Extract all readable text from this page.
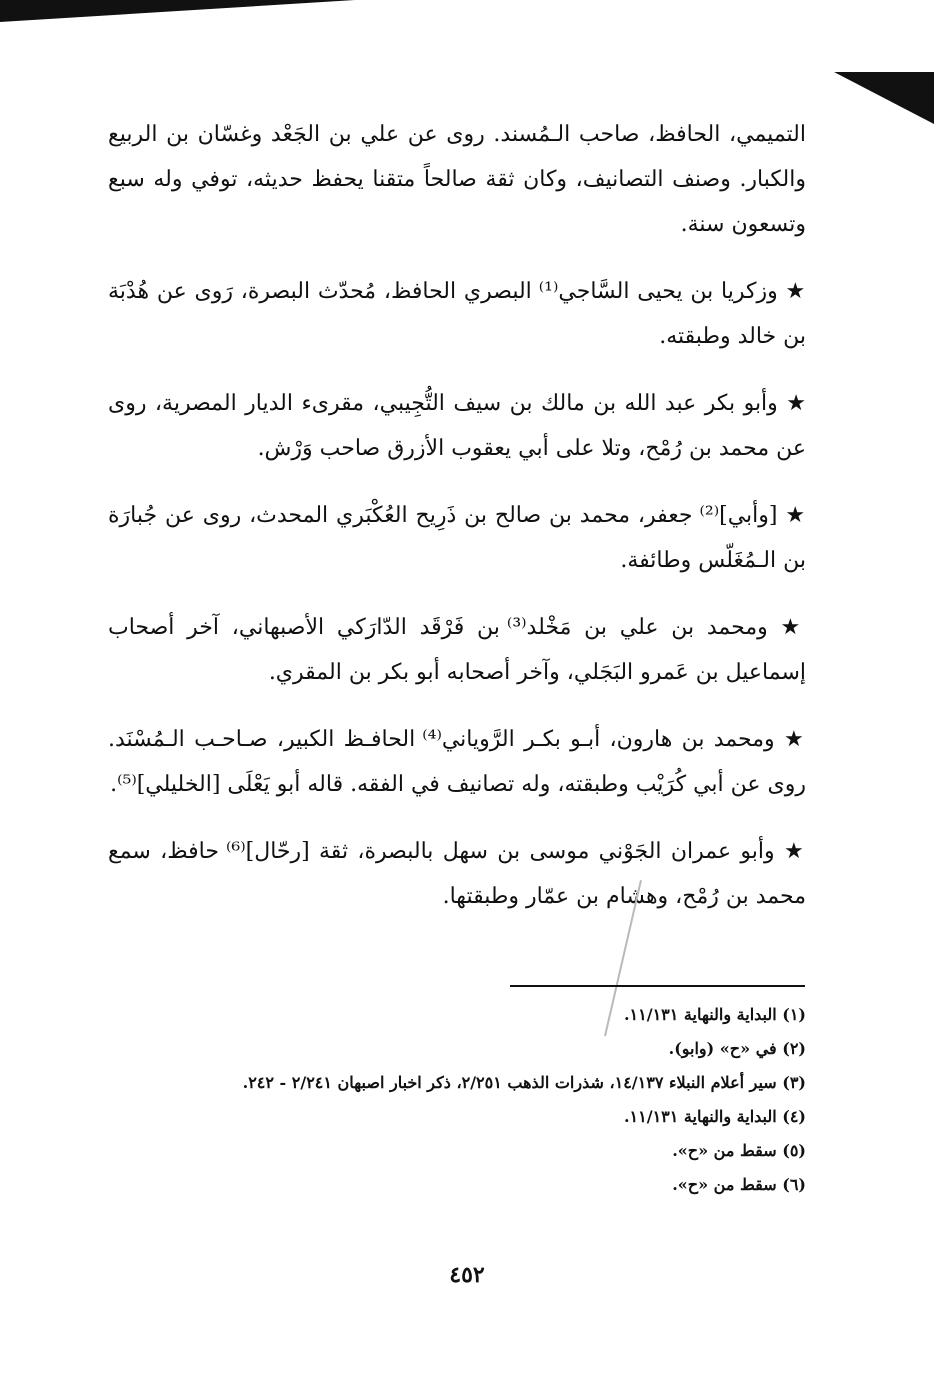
التميمي، الحافظ، صاحب الـمُسند. روى عن علي بن الجَعْد وغسّان بن الربيع والكبار. وصنف التصانيف، وكان ثقة صالحاً متقنا يحفظ حديثه، توفي وله سبع وتسعون سنة.

★ وزكريا بن يحيى السَّاجي⁽¹⁾ البصري الحافظ، مُحدّث البصرة، رَوى عن هُدْبَة بن خالد وطبقته.

★ وأبو بكر عبد الله بن مالك بن سيف التُّجِيبي، مقرىء الديار المصرية، روى عن محمد بن رُمْح، وتلا على أبي يعقوب الأزرق صاحب وَرْش.

★ [وأبي]⁽²⁾ جعفر، محمد بن صالح بن ذَرِيح العُكْبَري المحدث، روى عن جُبارَة بن الـمُغَلّس وطائفة.

★ ومحمد بن علي بن مَخْلد⁽³⁾ بن فَرْقَد الدّارَكي الأصبهاني، آخر أصحاب إسماعيل بن عَمرو البَجَلي، وآخر أصحابه أبو بكر بن المقري.

★ ومحمد بن هارون، أبـو بكـر الرَّوياني⁽⁴⁾ الحافـظ الكبير، صـاحـب الـمُسْنَد. روى عن أبي كُرَيْب وطبقته، وله تصانيف في الفقه. قاله أبو يَعْلَى [الخليلي]⁽⁵⁾.

★ وأبو عمران الجَوْني موسى بن سهل بالبصرة، ثقة [رحّال]⁽⁶⁾ حافظ، سمع محمد بن رُمْح، وهشام بن عمّار وطبقتها.

(١) البداية والنهاية ١١/١٣١.

(٢) في «ح» (وابو).

(٣) سير أعلام النبلاء ١٤/١٣٧، شذرات الذهب ٢/٢٥١، ذكر اخبار اصبهان ٢/٢٤١ - ٢٤٢.

(٤) البداية والنهاية ١١/١٣١.

(٥) سقط من «ح».

(٦) سقط من «ح».

٤٥٢
